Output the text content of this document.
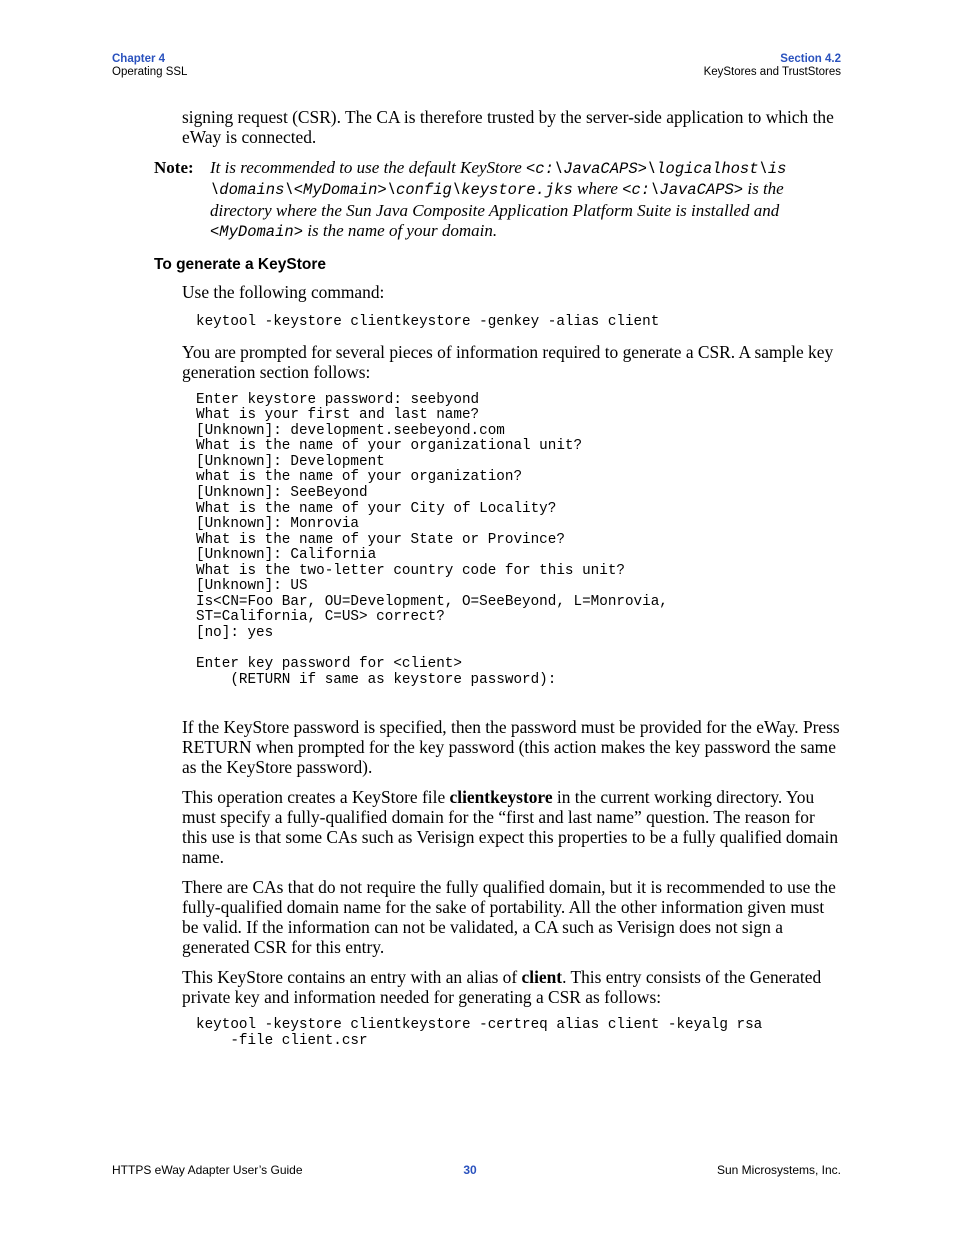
Chapter 4
Operating SSL
Section 4.2
KeyStores and TrustStores

signing request (CSR). The CA is therefore trusted by the server-side application to which the eWay is connected.

Note: It is recommended to use the default KeyStore <c:\JavaCAPS>\logicalhost\is\domains\<MyDomain>\config\keystore.jks where <c:\JavaCAPS> is the directory where the Sun Java Composite Application Platform Suite is installed and <MyDomain> is the name of your domain.
To generate a KeyStore

Use the following command:

keytool -keystore clientkeystore -genkey -alias client

You are prompted for several pieces of information required to generate a CSR. A sample key generation section follows:

Enter keystore password: seebyond
What is your first and last name?
[Unknown]: development.seebeyond.com
What is the name of your organizational unit?
[Unknown]: Development
what is the name of your organization?
[Unknown]: SeeBeyond
What is the name of your City of Locality?
[Unknown]: Monrovia
What is the name of your State or Province?
[Unknown]: California
What is the two-letter country code for this unit?
[Unknown]: US
Is<CN=Foo Bar, OU=Development, O=SeeBeyond, L=Monrovia,
ST=California, C=US> correct?
[no]: yes

Enter key password for <client>
(RETURN if same as keystore password):

If the KeyStore password is specified, then the password must be provided for the eWay. Press RETURN when prompted for the key password (this action makes the key password the same as the KeyStore password).

This operation creates a KeyStore file clientkeystore in the current working directory. You must specify a fully-qualified domain for the “first and last name” question. The reason for this use is that some CAs such as Verisign expect this properties to be a fully qualified domain name.

There are CAs that do not require the fully qualified domain, but it is recommended to use the fully-qualified domain name for the sake of portability. All the other information given must be valid. If the information can not be validated, a CA such as Verisign does not sign a generated CSR for this entry.

This KeyStore contains an entry with an alias of client. This entry consists of the Generated private key and information needed for generating a CSR as follows:

keytool -keystore clientkeystore -certreq alias client -keyalg rsa
-file client.csr
HTTPS eWay Adapter User’s Guide	30	Sun Microsystems, Inc.
